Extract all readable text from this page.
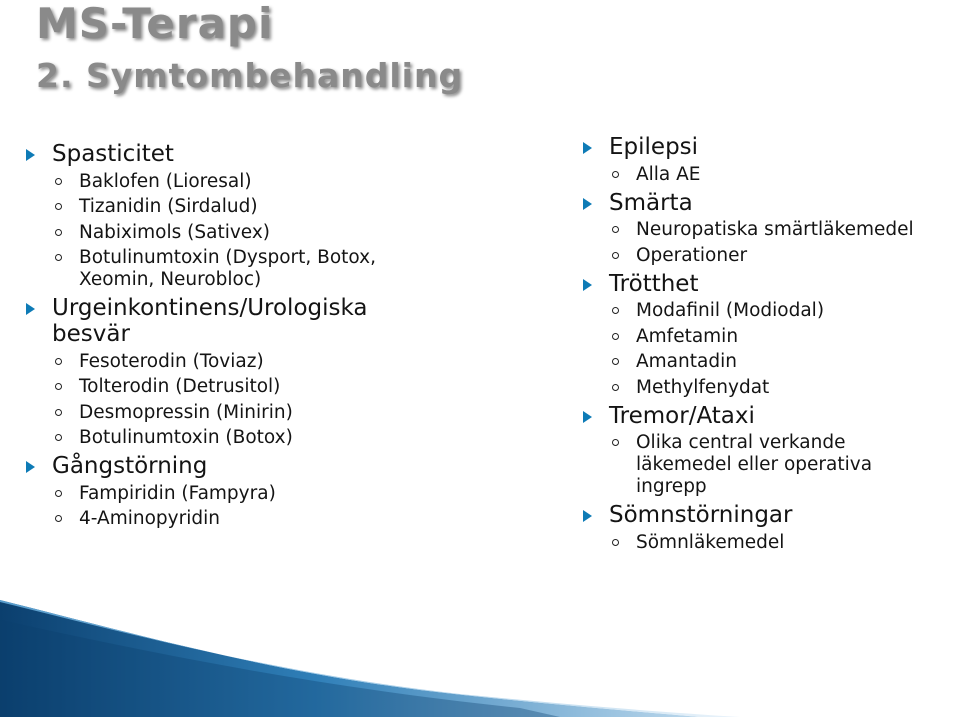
MS-Terapi
2. Symtombehandling
Spasticitet
Baklofen (Lioresal)
Tizanidin (Sirdalud)
Nabiximols (Sativex)
Botulinumtoxin (Dysport, Botox, Xeomin, Neurobloc)
Urgeinkontinens/Urologiska besvär
Fesoterodin (Toviaz)
Tolterodin (Detrusitol)
Desmopressin (Minirin)
Botulinumtoxin (Botox)
Gångstörning
Fampiridin (Fampyra)
4-Aminopyridin
Epilepsi
Alla AE
Smärta
Neuropatiska smärtläkemedel
Operationer
Trötthet
Modafinil (Modiodal)
Amfetamin
Amantadin
Methylfenydat
Tremor/Ataxi
Olika central verkande läkemedel eller operativa ingrepp
Sömnstörningar
Sömnläkemedel
